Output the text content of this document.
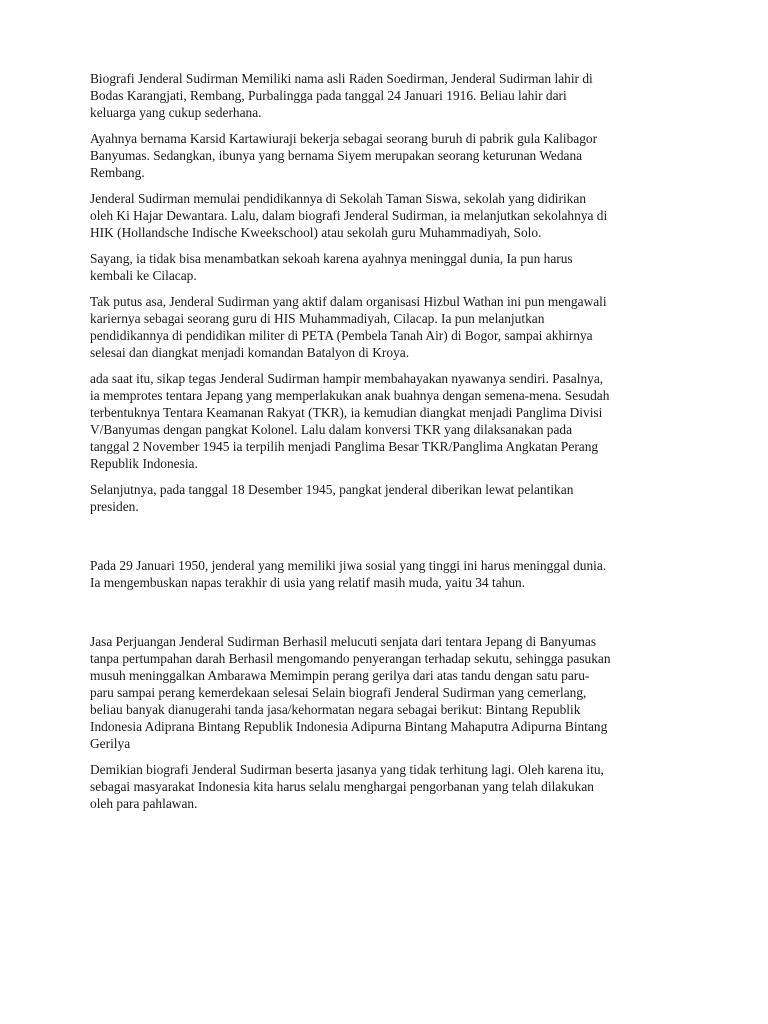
Biografi Jenderal Sudirman Memiliki nama asli Raden Soedirman, Jenderal Sudirman lahir di
Bodas Karangjati, Rembang, Purbalingga pada tanggal 24 Januari 1916. Beliau lahir dari
keluarga yang cukup sederhana.

Ayahnya bernama Karsid Kartawiuraji bekerja sebagai seorang buruh di pabrik gula Kalibagor
Banyumas. Sedangkan, ibunya yang bernama Siyem merupakan seorang keturunan Wedana
Rembang.

Jenderal Sudirman memulai pendidikannya di Sekolah Taman Siswa, sekolah yang didirikan
oleh Ki Hajar Dewantara. Lalu, dalam biografi Jenderal Sudirman, ia melanjutkan sekolahnya di
HIK (Hollandsche Indische Kweekschool) atau sekolah guru Muhammadiyah, Solo.

Sayang, ia tidak bisa menambatkan sekoah karena ayahnya meninggal dunia, Ia pun harus
kembali ke Cilacap.

Tak putus asa, Jenderal Sudirman yang aktif dalam organisasi Hizbul Wathan ini pun mengawali
kariernya sebagai seorang guru di HIS Muhammadiyah, Cilacap. Ia pun melanjutkan
pendidikannya di pendidikan militer di PETA (Pembela Tanah Air) di Bogor, sampai akhirnya
selesai dan diangkat menjadi komandan Batalyon di Kroya.

ada saat itu, sikap tegas Jenderal Sudirman hampir membahayakan nyawanya sendiri. Pasalnya,
ia memprotes tentara Jepang yang memperlakukan anak buahnya dengan semena-mena. Sesudah
terbentuknya Tentara Keamanan Rakyat (TKR), ia kemudian diangkat menjadi Panglima Divisi
V/Banyumas dengan pangkat Kolonel. Lalu dalam konversi TKR yang dilaksanakan pada
tanggal 2 November 1945 ia terpilih menjadi Panglima Besar TKR/Panglima Angkatan Perang
Republik Indonesia.

Selanjutnya, pada tanggal 18 Desember 1945, pangkat jenderal diberikan lewat pelantikan
presiden.

Pada 29 Januari 1950, jenderal yang memiliki jiwa sosial yang tinggi ini harus meninggal dunia.
Ia mengembuskan napas terakhir di usia yang relatif masih muda, yaitu 34 tahun.

Jasa Perjuangan Jenderal Sudirman Berhasil melucuti senjata dari tentara Jepang di Banyumas
tanpa pertumpahan darah Berhasil mengomando penyerangan terhadap sekutu, sehingga pasukan
musuh meninggalkan Ambarawa Memimpin perang gerilya dari atas tandu dengan satu paru-
paru sampai perang kemerdekaan selesai Selain biografi Jenderal Sudirman yang cemerlang,
beliau banyak dianugerahi tanda jasa/kehormatan negara sebagai berikut: Bintang Republik
Indonesia Adiprana Bintang Republik Indonesia Adipurna Bintang Mahaputra Adipurna Bintang
Gerilya

Demikian biografi Jenderal Sudirman beserta jasanya yang tidak terhitung lagi. Oleh karena itu,
sebagai masyarakat Indonesia kita harus selalu menghargai pengorbanan yang telah dilakukan
oleh para pahlawan.
